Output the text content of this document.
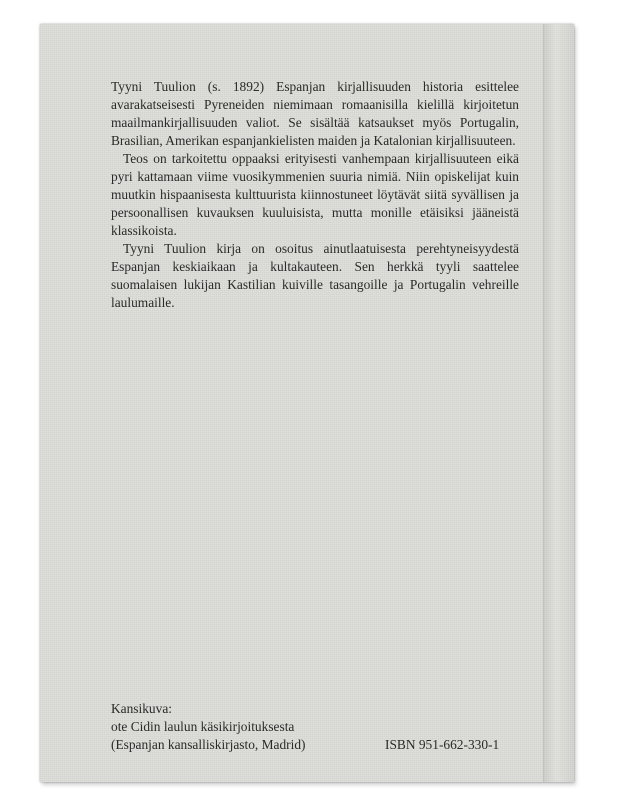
Tyyni Tuulion (s. 1892) Espanjan kirjallisuuden historia esittelee avarakatseisesti Pyreneiden niemimaan romaanisilla kielillä kirjoitetun maailmankirjallisuuden valiot. Se sisältää katsaukset myös Portugalin, Brasilian, Amerikan espanjankielisten maiden ja Katalonian kirjallisuuteen.

Teos on tarkoitettu oppaaksi erityisesti vanhempaan kirjallisuuteen eikä pyri kattamaan viime vuosikymmenien suuria nimiä. Niin opiskelijat kuin muutkin hispaanisesta kulttuurista kiinnostuneet löytävät siitä syvällisen ja persoonallisen kuvauksen kuuluisista, mutta monille etäisiksi jääneistä klassikoista.

Tyyni Tuulion kirja on osoitus ainutlaatuisesta perehtyneisyydestä Espanjan keskiaikaan ja kultakauteen. Sen herkkä tyyli saattelee suomalaisen lukijan Kastilian kuiville tasangoille ja Portugalin vehreille laulumaille.

Kansikuva:
ote Cidin laulun käsikirjoituksesta
(Espanjan kansalliskirjasto, Madrid)	ISBN 951-662-330-1
